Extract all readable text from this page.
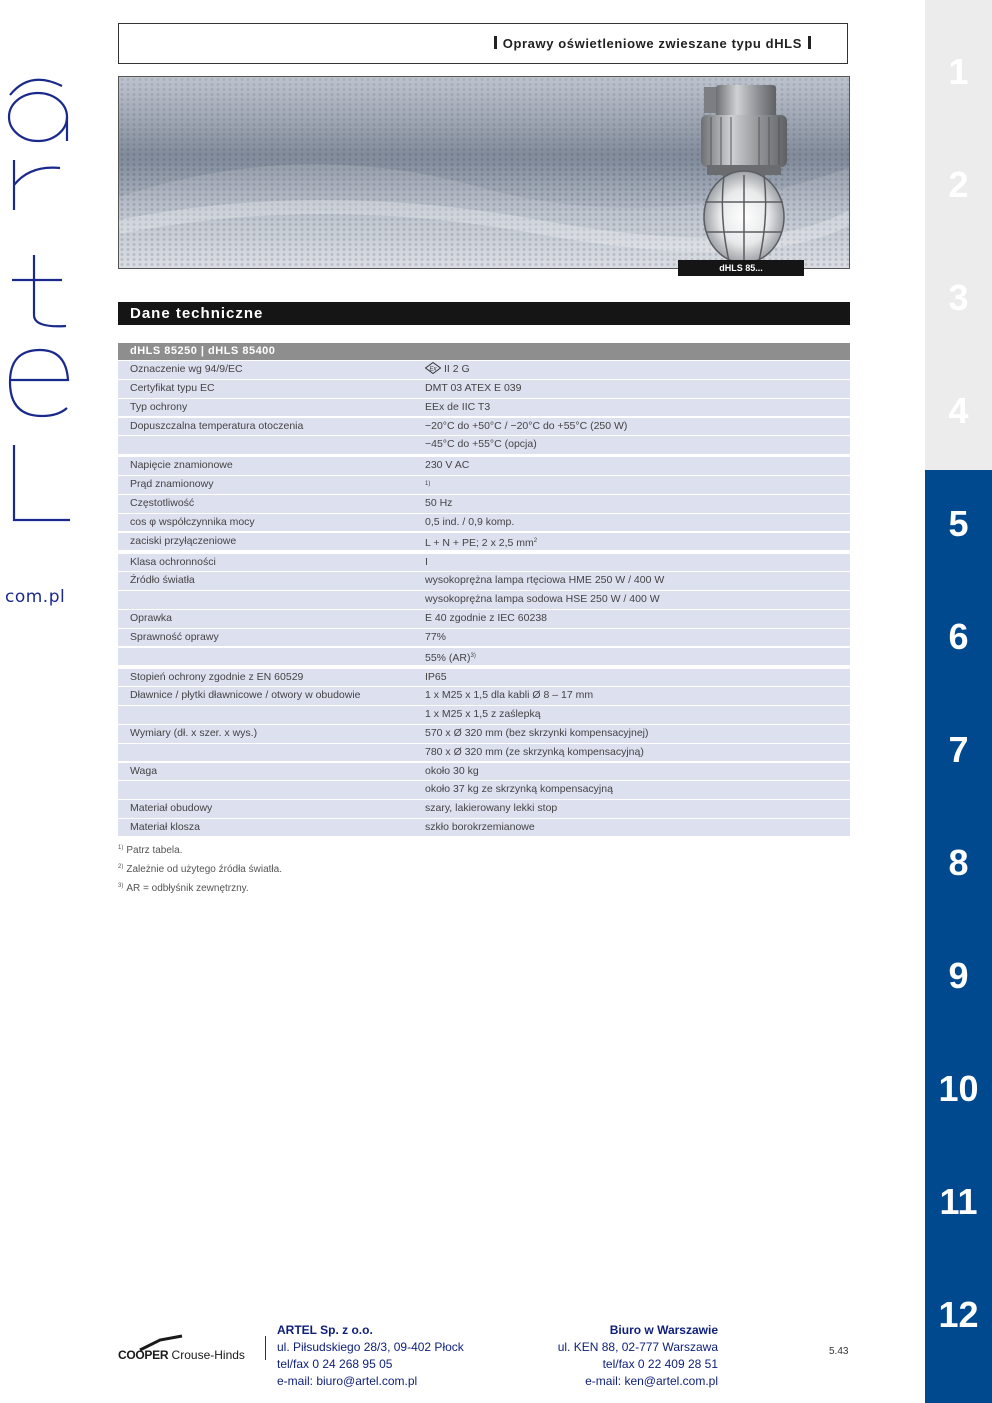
com.pl
Oprawy oświetleniowe zwieszane typu dHLS
dHLS 85...
Dane techniczne
dHLS 85250 | dHLS 85400
Oznaczenie wg 94/9/EC	Ex II 2 G
Certyfikat typu EC	DMT 03 ATEX E 039
Typ ochrony	EEx de IIC T3
Dopuszczalna temperatura otoczenia	−20°C do +50°C / −20°C do +55°C (250 W)
−45°C do +55°C (opcja)
Napięcie znamionowe	230 V AC
Prąd znamionowy	$^{1)}$
Częstotliwość	50 Hz
cos φ współczynnika mocy	0,5 ind. / 0,9 komp.
zaciski przyłączeniowe	L + N + PE; 2 x 2,5 $mm^2$
Klasa ochronności	I
Źródło światła	wysokoprężna lampa rtęciowa HME 250 W / 400 W
wysokoprężna lampa sodowa HSE 250 W / 400 W
Oprawka	E 40 zgodnie z IEC 60238
Sprawność oprawy	77%
55% (AR)$^{3)}$
Stopień ochrony zgodnie z EN 60529	IP65
Dławnice / płytki dławnicowe / otwory w obudowie	1 x M25 x 1,5 dla kabli Ø 8 – 17 mm
1 x M25 x 1,5 z zaślepką
Wymiary (dł. x szer. x wys.)	570 x Ø 320 mm (bez skrzynki kompensacyjnej)
780 x Ø 320 mm (ze skrzynką kompensacyjną)
Waga	około 30 kg
około 37 kg ze skrzynką kompensacyjną
Materiał obudowy	szary, lakierowany lekki stop
Materiał klosza	szkło borokrzemianowe
$^{1)}$ Patrz tabela.
$^{2)}$ Zależnie od użytego źródła światła.
$^{3)}$ AR = odbłyśnik zewnętrzny.
1
2
3
4
5
6
7
8
9
10
11
12
COOPER Crouse-Hinds
ARTEL Sp. z o.o.
ul. Piłsudskiego 28/3, 09-402 Płock
tel/fax 0 24 268 95 05
e-mail: biuro@artel.com.pl
Biuro w Warszawie
ul. KEN 88, 02-777 Warszawa
tel/fax 0 22 409 28 51
e-mail: ken@artel.com.pl
5.43
